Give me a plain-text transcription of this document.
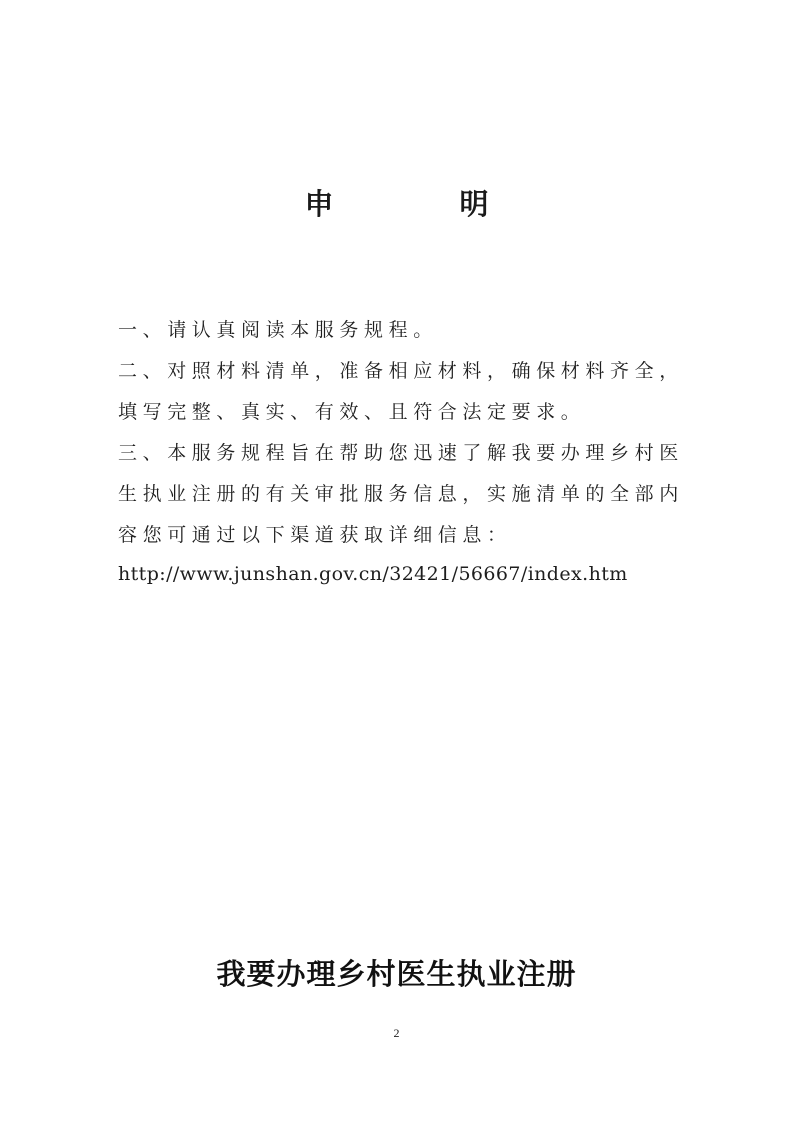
申 明

一、请认真阅读本服务规程。

二、对照材料清单，准备相应材料，确保材料齐全，填写完整、真实、有效、且符合法定要求。

三、本服务规程旨在帮助您迅速了解我要办理乡村医生执业注册的有关审批服务信息，实施清单的全部内容您可通过以下渠道获取详细信息：

http://www.junshan.gov.cn/32421/56667/index.htm

我要办理乡村医生执业注册

2
